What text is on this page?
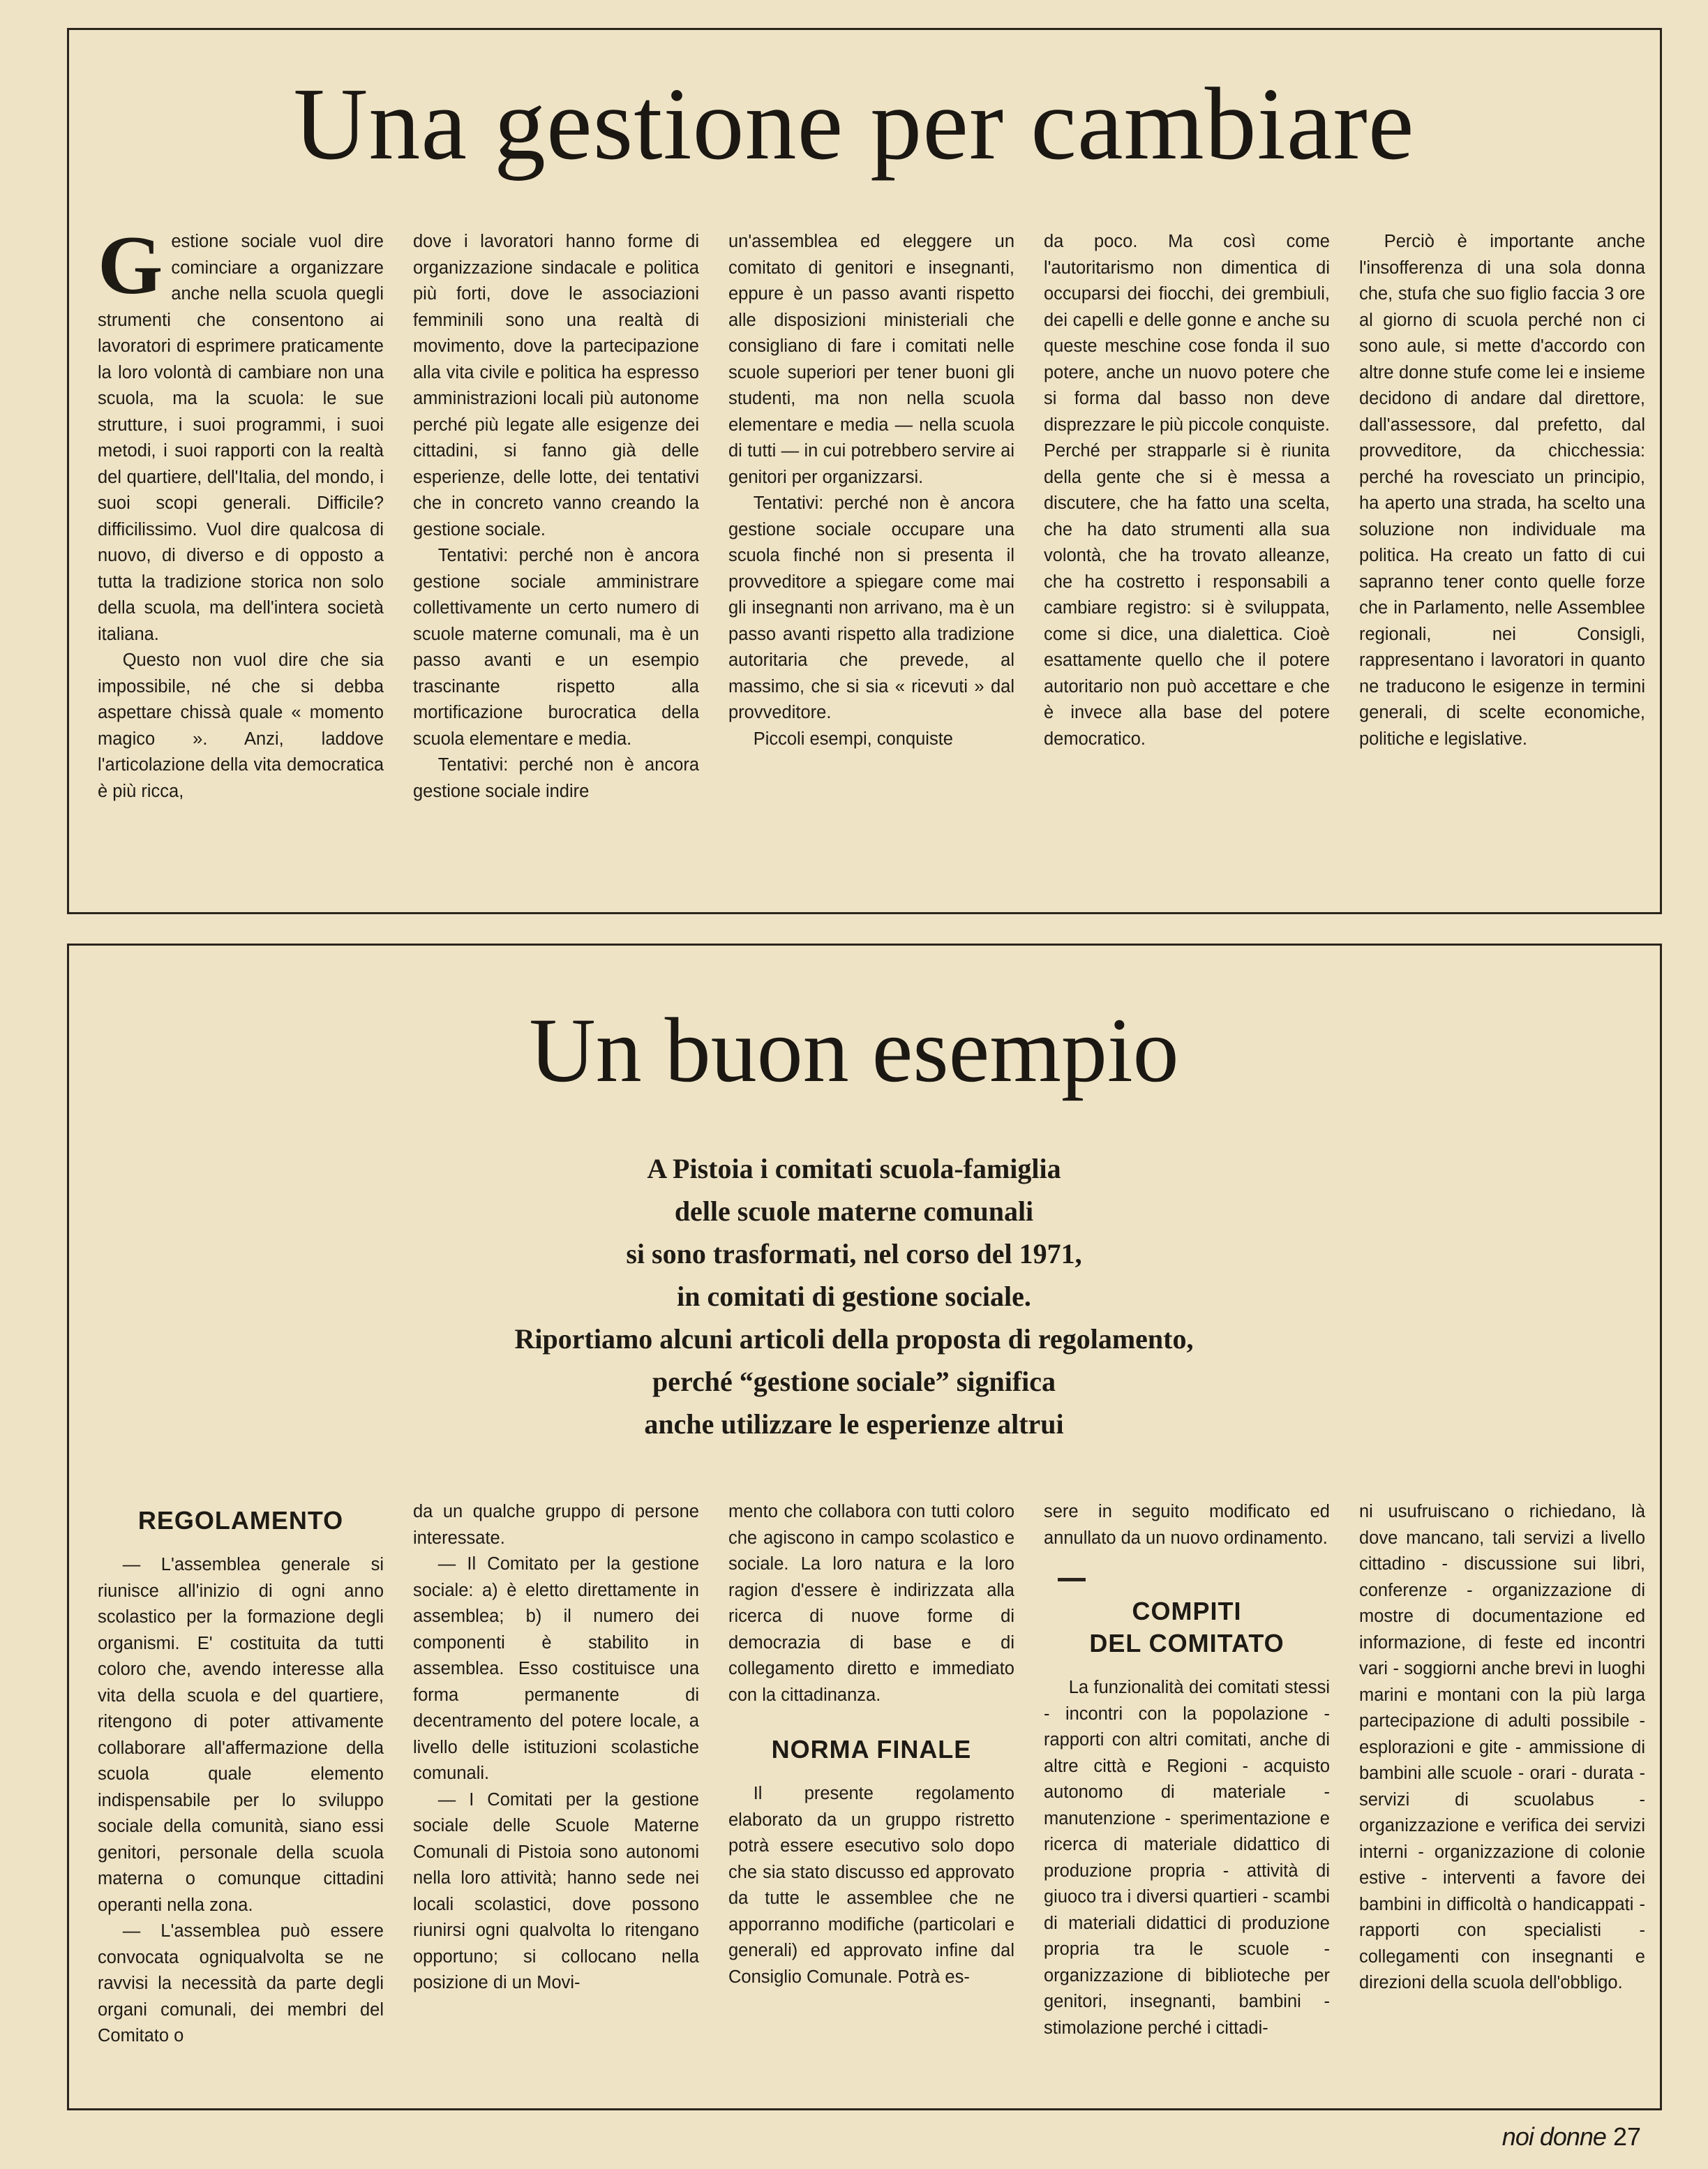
Una gestione per cambiare

Gestione sociale vuol dire cominciare a organizzare anche nella scuola quegli strumenti che consentono ai lavoratori di esprimere praticamente la loro volontà di cambiare non una scuola, ma la scuola: le sue strutture, i suoi programmi, i suoi metodi, i suoi rapporti con la realtà del quartiere, dell'Italia, del mondo, i suoi scopi generali. Difficile? difficilissimo. Vuol dire qualcosa di nuovo, di diverso e di opposto a tutta la tradizione storica non solo della scuola, ma dell'intera società italiana.

Questo non vuol dire che sia impossibile, né che si debba aspettare chissà quale « momento magico ». Anzi, laddove l'articolazione della vita democratica è più ricca,

dove i lavoratori hanno forme di organizzazione sindacale e politica più forti, dove le associazioni femminili sono una realtà di movimento, dove la partecipazione alla vita civile e politica ha espresso amministrazioni locali più autonome perché più legate alle esigenze dei cittadini, si fanno già delle esperienze, delle lotte, dei tentativi che in concreto vanno creando la gestione sociale.

Tentativi: perché non è ancora gestione sociale amministrare collettivamente un certo numero di scuole materne comunali, ma è un passo avanti e un esempio trascinante rispetto alla mortificazione burocratica della scuola elementare e media.

Tentativi: perché non è ancora gestione sociale indire

un'assemblea ed eleggere un comitato di genitori e insegnanti, eppure è un passo avanti rispetto alle disposizioni ministeriali che consigliano di fare i comitati nelle scuole superiori per tener buoni gli studenti, ma non nella scuola elementare e media — nella scuola di tutti — in cui potrebbero servire ai genitori per organizzarsi.

Tentativi: perché non è ancora gestione sociale occupare una scuola finché non si presenta il provveditore a spiegare come mai gli insegnanti non arrivano, ma è un passo avanti rispetto alla tradizione autoritaria che prevede, al massimo, che si sia « ricevuti » dal provveditore.

Piccoli esempi, conquiste

da poco. Ma così come l'autoritarismo non dimentica di occuparsi dei fiocchi, dei grembiuli, dei capelli e delle gonne e anche su queste meschine cose fonda il suo potere, anche un nuovo potere che si forma dal basso non deve disprezzare le più piccole conquiste. Perché per strapparle si è riunita della gente che si è messa a discutere, che ha fatto una scelta, che ha dato strumenti alla sua volontà, che ha trovato alleanze, che ha costretto i responsabili a cambiare registro: si è sviluppata, come si dice, una dialettica. Cioè esattamente quello che il potere autoritario non può accettare e che è invece alla base del potere democratico.

Perciò è importante anche l'insofferenza di una sola donna che, stufa che suo figlio faccia 3 ore al giorno di scuola perché non ci sono aule, si mette d'accordo con altre donne stufe come lei e insieme decidono di andare dal direttore, dall'assessore, dal prefetto, dal provveditore, da chicchessia: perché ha rovesciato un principio, ha aperto una strada, ha scelto una soluzione non individuale ma politica. Ha creato un fatto di cui sapranno tener conto quelle forze che in Parlamento, nelle Assemblee regionali, nei Consigli, rappresentano i lavoratori in quanto ne traducono le esigenze in termini generali, di scelte economiche, politiche e legislative.

Un buon esempio

A Pistoia i comitati scuola-famiglia
delle scuole materne comunali
si sono trasformati, nel corso del 1971,
in comitati di gestione sociale.
Riportiamo alcuni articoli della proposta di regolamento,
perché “gestione sociale” significa
anche utilizzare le esperienze altrui

REGOLAMENTO

— L'assemblea generale si riunisce all'inizio di ogni anno scolastico per la formazione degli organismi. E' costituita da tutti coloro che, avendo interesse alla vita della scuola e del quartiere, ritengono di poter attivamente collaborare all'affermazione della scuola quale elemento indispensabile per lo sviluppo sociale della comunità, siano essi genitori, personale della scuola materna o comunque cittadini operanti nella zona.

— L'assemblea può essere convocata ogniqualvolta se ne ravvisi la necessità da parte degli organi comunali, dei membri del Comitato o

da un qualche gruppo di persone interessate.

— Il Comitato per la gestione sociale: a) è eletto direttamente in assemblea; b) il numero dei componenti è stabilito in assemblea. Esso costituisce una forma permanente di decentramento del potere locale, a livello delle istituzioni scolastiche comunali.

— I Comitati per la gestione sociale delle Scuole Materne Comunali di Pistoia sono autonomi nella loro attività; hanno sede nei locali scolastici, dove possono riunirsi ogni qualvolta lo ritengano opportuno; si collocano nella posizione di un Movi-

mento che collabora con tutti coloro che agiscono in campo scolastico e sociale. La loro natura e la loro ragion d'essere è indirizzata alla ricerca di nuove forme di democrazia di base e di collegamento diretto e immediato con la cittadinanza.

NORMA FINALE

Il presente regolamento elaborato da un gruppo ristretto potrà essere esecutivo solo dopo che sia stato discusso ed approvato da tutte le assemblee che ne apporranno modifiche (particolari e generali) ed approvato infine dal Consiglio Comunale. Potrà es-

sere in seguito modificato ed annullato da un nuovo ordinamento.

COMPITI
DEL COMITATO

La funzionalità dei comitati stessi - incontri con la popolazione - rapporti con altri comitati, anche di altre città e Regioni - acquisto autonomo di materiale - manutenzione - sperimentazione e ricerca di materiale didattico di produzione propria - attività di giuoco tra i diversi quartieri - scambi di materiali didattici di produzione propria tra le scuole - organizzazione di biblioteche per genitori, insegnanti, bambini - stimolazione perché i cittadi-

ni usufruiscano o richiedano, là dove mancano, tali servizi a livello cittadino - discussione sui libri, conferenze - organizzazione di mostre di documentazione ed informazione, di feste ed incontri vari - soggiorni anche brevi in luoghi marini e montani con la più larga partecipazione di adulti possibile - esplorazioni e gite - ammissione di bambini alle scuole - orari - durata - servizi di scuolabus - organizzazione e verifica dei servizi interni - organizzazione di colonie estive - interventi a favore dei bambini in difficoltà o handicappati - rapporti con specialisti - collegamenti con insegnanti e direzioni della scuola dell'obbligo.

noi donne 27
